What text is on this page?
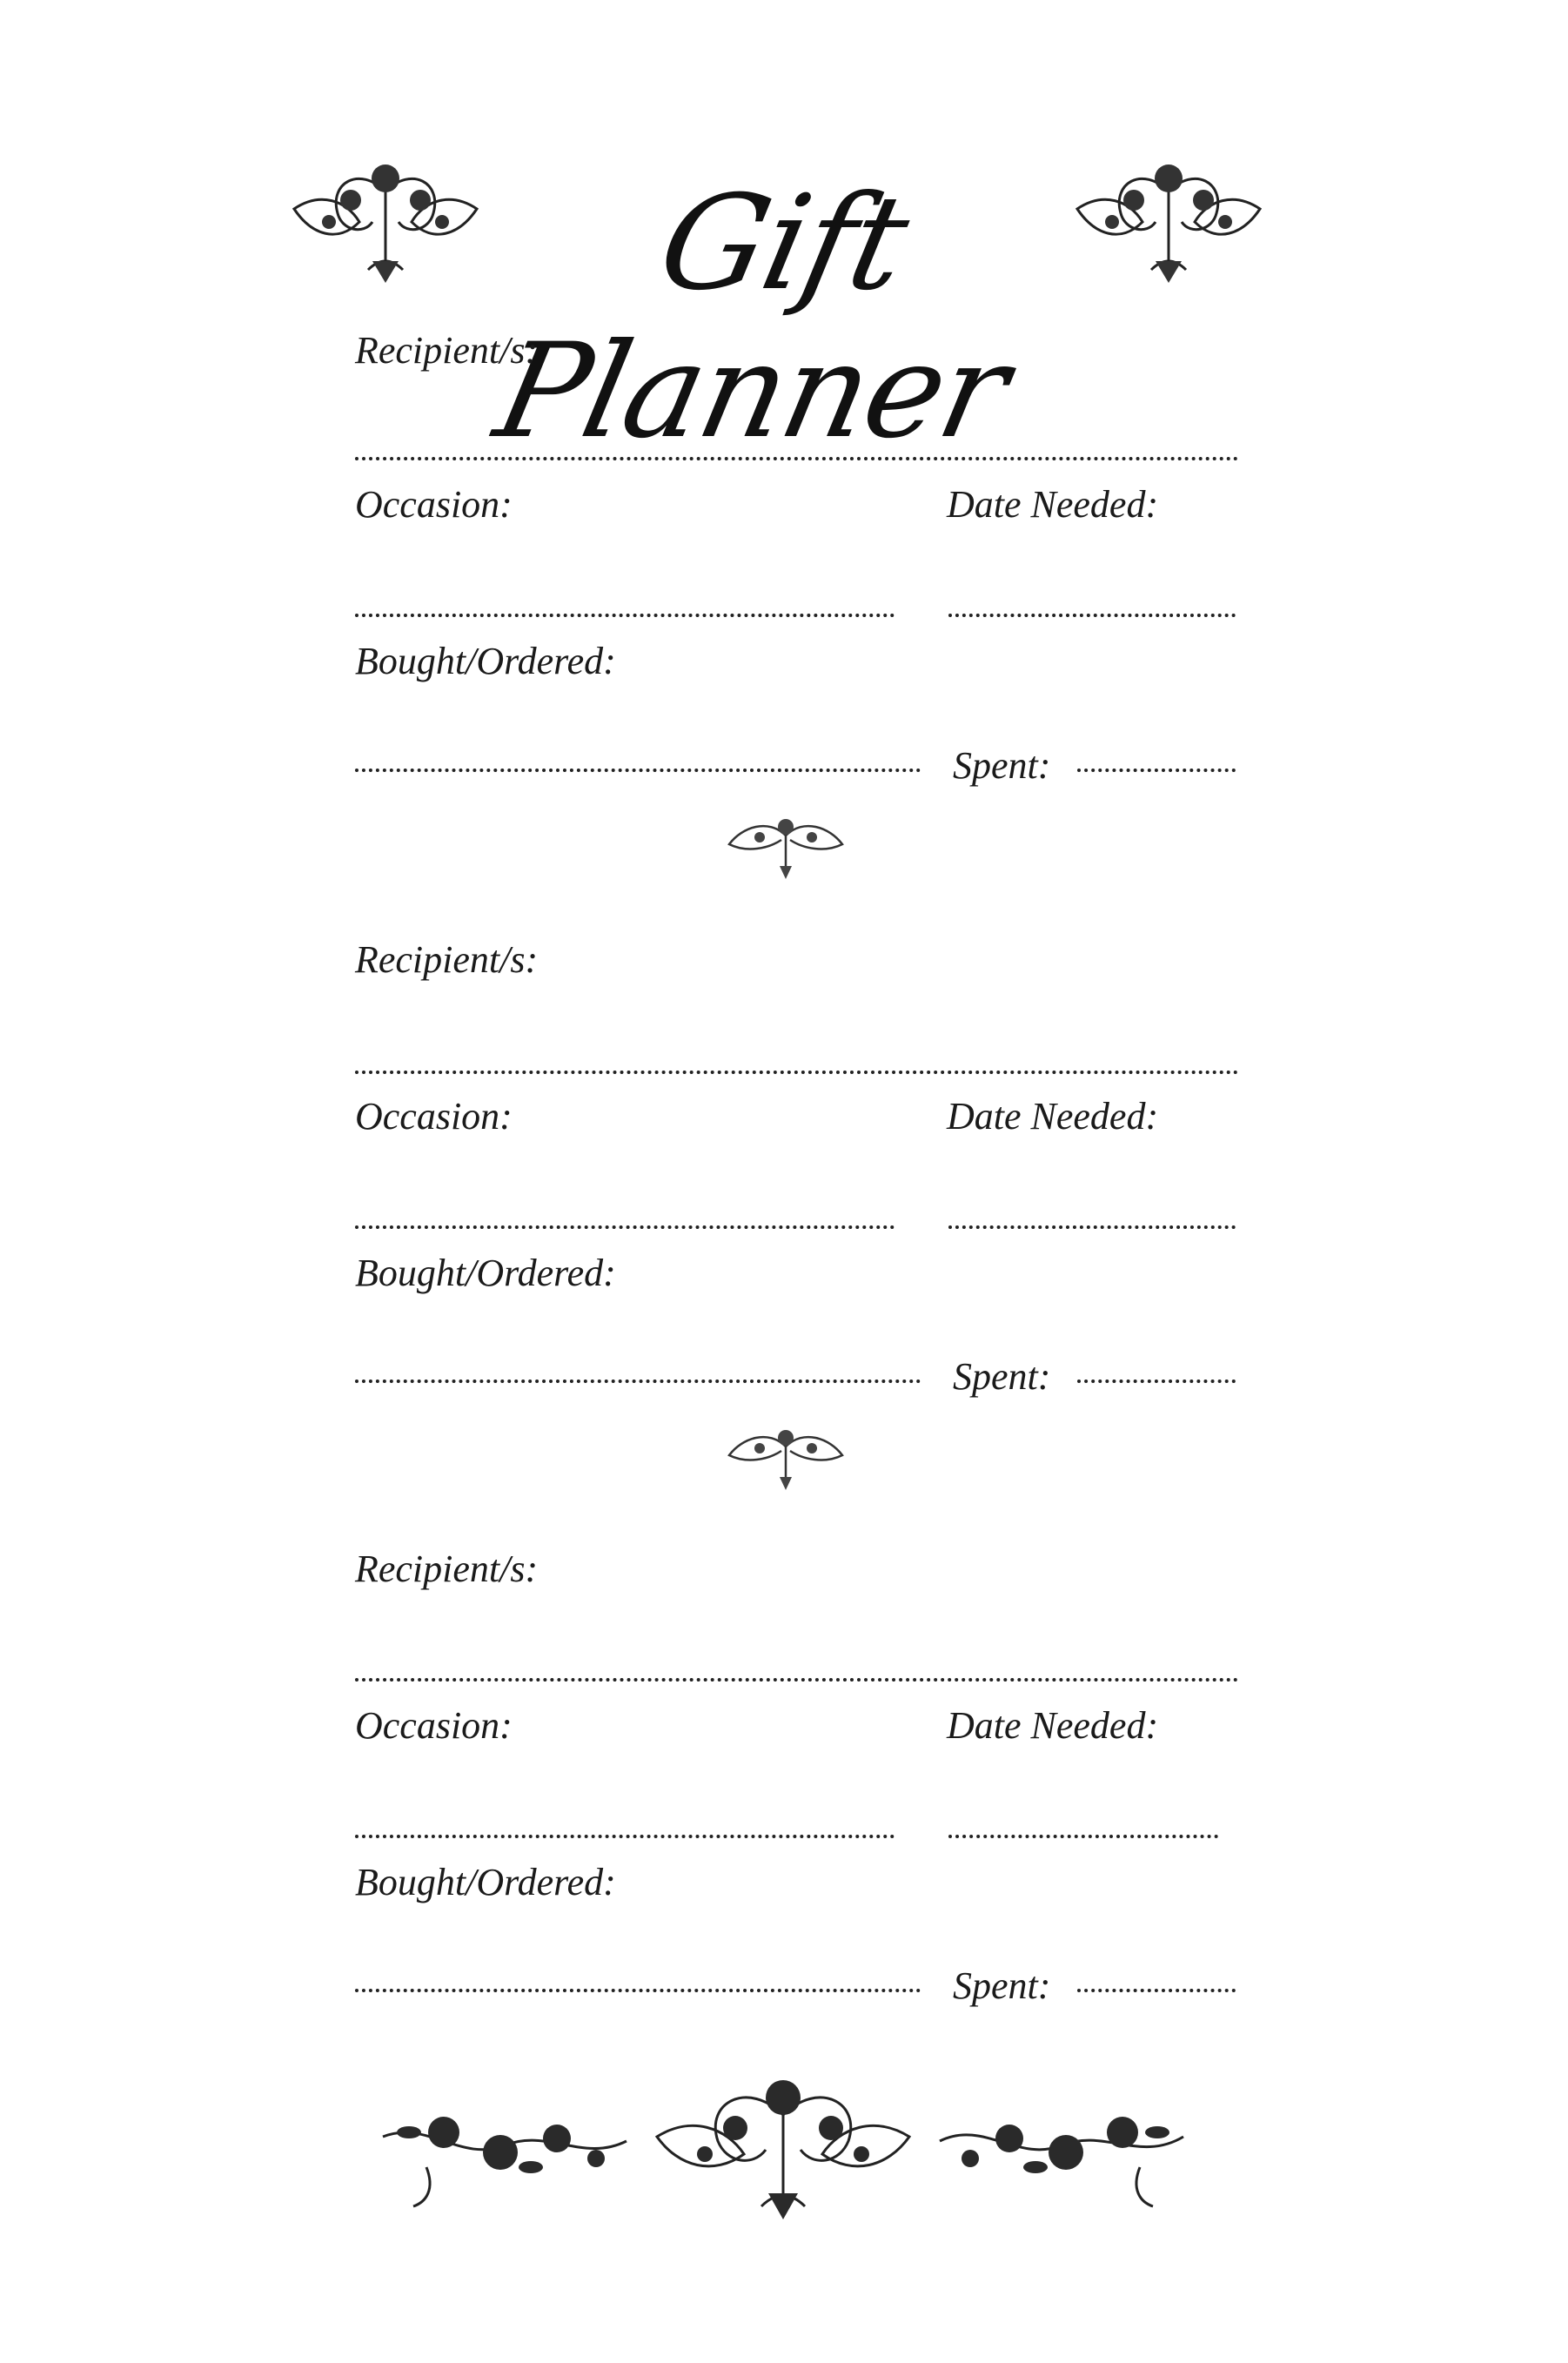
Gift Planner
Recipient/s:
Occasion:	Date Needed:
Bought/Ordered:
Spent:
Recipient/s:
Occasion:	Date Needed:
Bought/Ordered:
Spent:
Recipient/s:
Occasion:	Date Needed:
Bought/Ordered:
Spent:
